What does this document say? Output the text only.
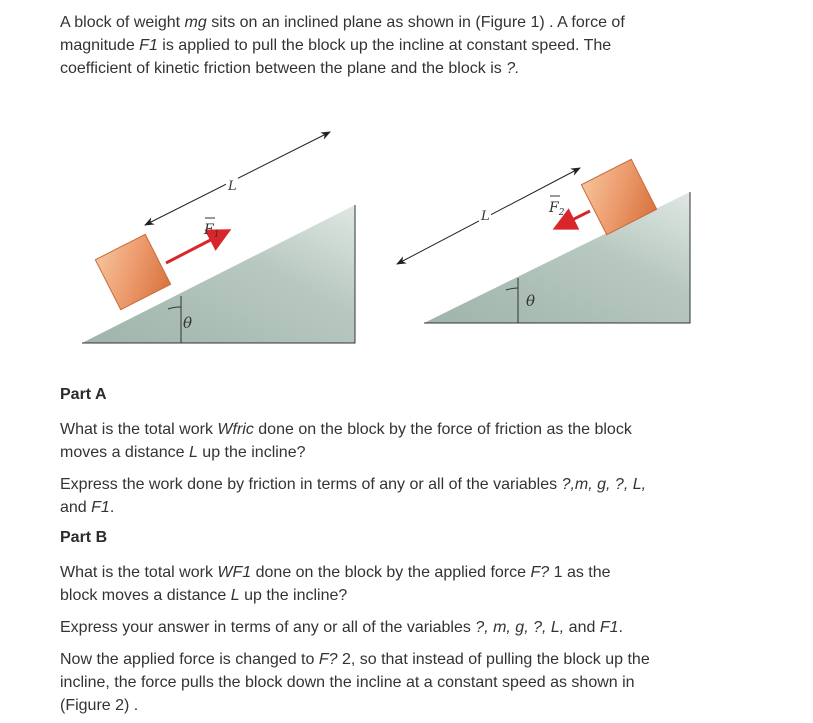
A block of weight mg sits on an inclined plane as shown in (Figure 1) . A force of

magnitude F1 is applied to pull the block up the incline at constant speed. The

coefficient of kinetic friction between the plane and the block is ?.

L
$F_1$
θ
L
$F_2$
θ

Part A

What is the total work Wfric done on the block by the force of friction as the block

moves a distance L up the incline?

Express the work done by friction in terms of any or all of the variables ?,m, g, ?, L,

and F1.

Part B

What is the total work WF1 done on the block by the applied force F? 1 as the

block moves a distance L up the incline?

Express your answer in terms of any or all of the variables ?, m, g, ?, L, and F1.

Now the applied force is changed to F? 2, so that instead of pulling the block up the

incline, the force pulls the block down the incline at a constant speed as shown in

(Figure 2) .
